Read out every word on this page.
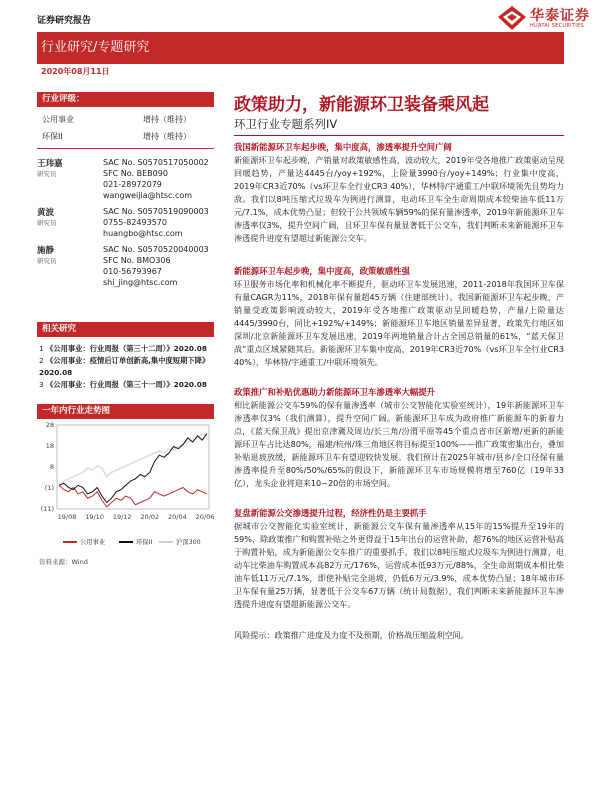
证券研究报告	华泰证券
HUATAI SECURITIES
行业研究/专题研究
2020年08月11日
行业评级：
公用事业	增持（维持）
环保II	增持（维持）
王玮嘉
研究员
SAC No. S0570517050002
SFC No. BEB090
021-28972079
wangweijia@htsc.com
黄波
研究员
SAC No. S0570519090003
0755-82493570
huangbo@htsc.com
施静
研究员
SAC No. S0570520040003
SFC No. BMO306
010-56793967
shi_jing@htsc.com
相关研究
1 《公用事业：行业周报（第三十二周）》2020.08
2 《公用事业：疫情后订单创新高,集中度短期下降》2020.08
3 《公用事业：行业周报（第三十一周）》2020.08
一年内行业走势图
28
18
8
(1)
(11)
19/08 19/10 19/12 20/02 20/04 20/06
公用事业	环保II	沪深300
资料来源：Wind
政策助力，新能源环卫装备乘风起
环卫行业专题系列IV
我国新能源环卫车起步晚，集中度高，渗透率提升空间广阔
新能源环卫车起步晚，产销量对政策敏感性高，波动较大，2019年受各地推广政策驱动呈现回暖趋势，产量达4445台/yoy+192%，上险量3990台/yoy+149%；行业集中度高，2019年CR3近70%（vs环卫车全行业CR3 40%），华林特/宇通重工/中联环境领先且势均力敌。我们以8吨压缩式垃圾车为例进行测算，电动环卫车全生命周期成本较柴油车低11万元/7.1%，成本优势凸显；但较于公共领域车辆59%的保有量渗透率，2019年新能源环卫车渗透率仅3%，提升空间广阔，且环卫车保有量显著低于公交车，我们判断未来新能源环卫车渗透提升进度有望超过新能源公交车。
新能源环卫车起步晚，集中度高，政策敏感性强
环卫服务市场化率和机械化率不断提升，驱动环卫车发展迅速，2011-2018年我国环卫车保有量CAGR为11%，2018年保有量超45万辆（住建部统计）。我国新能源环卫车起步晚，产销量受政策影响波动较大，2019年受各地推广政策驱动呈回暖趋势，产量/上险量达4445/3990台，同比+192%/+149%；新能源环卫车地区销量差异显著，政策先行地区如深圳/北京新能源环卫车发展迅速，2019年两地销量合计占全国总销量的61%，“蓝天保卫战”重点区域紧随其后。新能源环卫车集中度高，2019年CR3近70%（vs环卫车全行业CR3 40%），华林特/宇通重工/中联环境领先。
政策推广和补贴优惠助力新能源环卫车渗透率大幅提升
相比新能源公交车59%的保有量渗透率（城市公交智能化实验室统计），19年新能源环卫车渗透率仅3%（我们测算），提升空间广阔。新能源环卫车成为政府推广新能源车的新着力点，《蓝天保卫战》提出京津冀及周边/长三角/汾渭平原等45个重点省市区新增/更新的新能源环卫车占比达80%，福建/杭州/珠三角地区将目标提至100%——推广政策密集出台，叠加补贴退坡放缓，新能源环卫车有望迎较快发展。我们预计在2025年城市/县乡/全口径保有量渗透率提升至80%/50%/65%的假设下，新能源环卫车市场规模将增至760亿（19年33亿），龙头企业将迎来10~20倍的市场空间。
复盘新能源公交渗透提升过程，经济性仍是主要抓手
据城市公交智能化实验室统计，新能源公交车保有量渗透率从15年的15%提升至19年的59%，除政策推广和购置补贴之外更得益于15年出台的运营补助，超76%的地区运营补贴高于购置补贴，成为新能源公交车推广的重要抓手。我们以8吨压缩式垃圾车为例进行测算，电动车比柴油车购置成本高82万元/176%，运营成本低93万元/88%，全生命周期成本相比柴油车低11万元/7.1%，即使补贴完全退坡，仍低6万元/3.9%，成本优势凸显；18年城市环卫车保有量25万辆，显著低于公交车67万辆（统计局数据），我们判断未来新能源环卫车渗透提升进度有望超新能源公交车。
风险提示：政策推广进度及力度不及预期，价格战压缩盈利空间。
